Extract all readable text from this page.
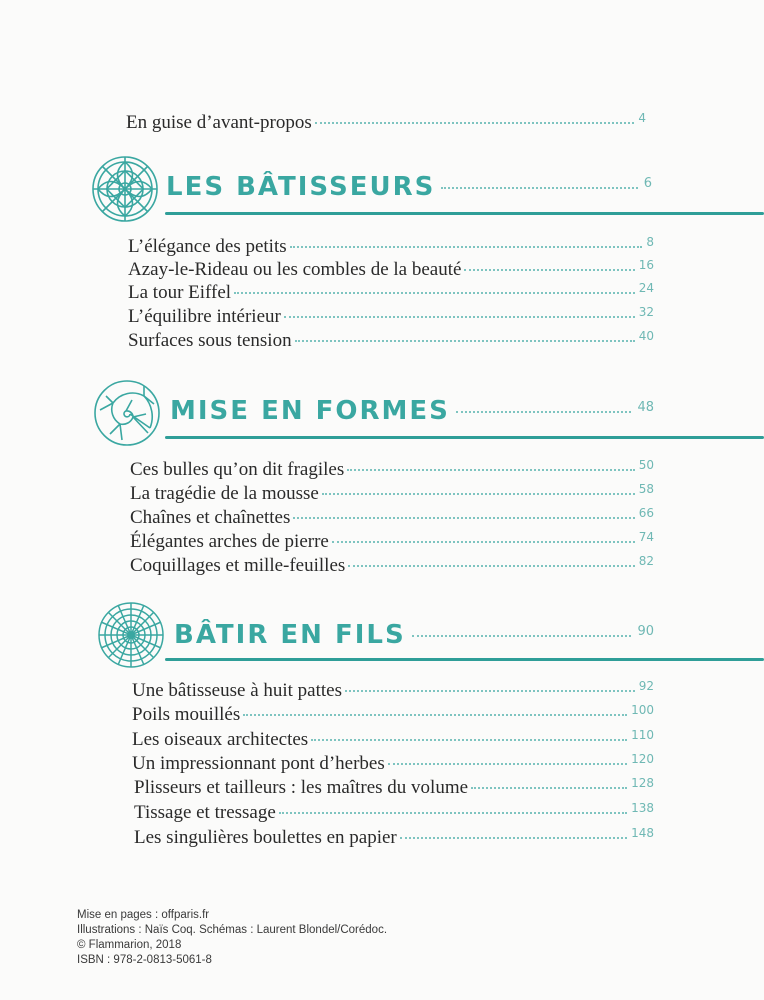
En guise d’avant-propos	4
LES BÂTISSEURS	6
L’élégance des petits	8
Azay-le-Rideau ou les combles de la beauté	16
La tour Eiffel	24
L’équilibre intérieur	32
Surfaces sous tension	40
MISE EN FORMES	48
Ces bulles qu’on dit fragiles	50
La tragédie de la mousse	58
Chaînes et chaînettes	66
Élégantes arches de pierre	74
Coquillages et mille-feuilles	82
BÂTIR EN FILS	90
Une bâtisseuse à huit pattes	92
Poils mouillés	100
Les oiseaux architectes	110
Un impressionnant pont d’herbes	120
Plisseurs et tailleurs : les maîtres du volume	128
Tissage et tressage	138
Les singulières boulettes en papier	148
Mise en pages : offparis.fr
Illustrations : Naïs Coq. Schémas : Laurent Blondel/Corédoc.
© Flammarion, 2018
ISBN : 978-2-0813-5061-8
